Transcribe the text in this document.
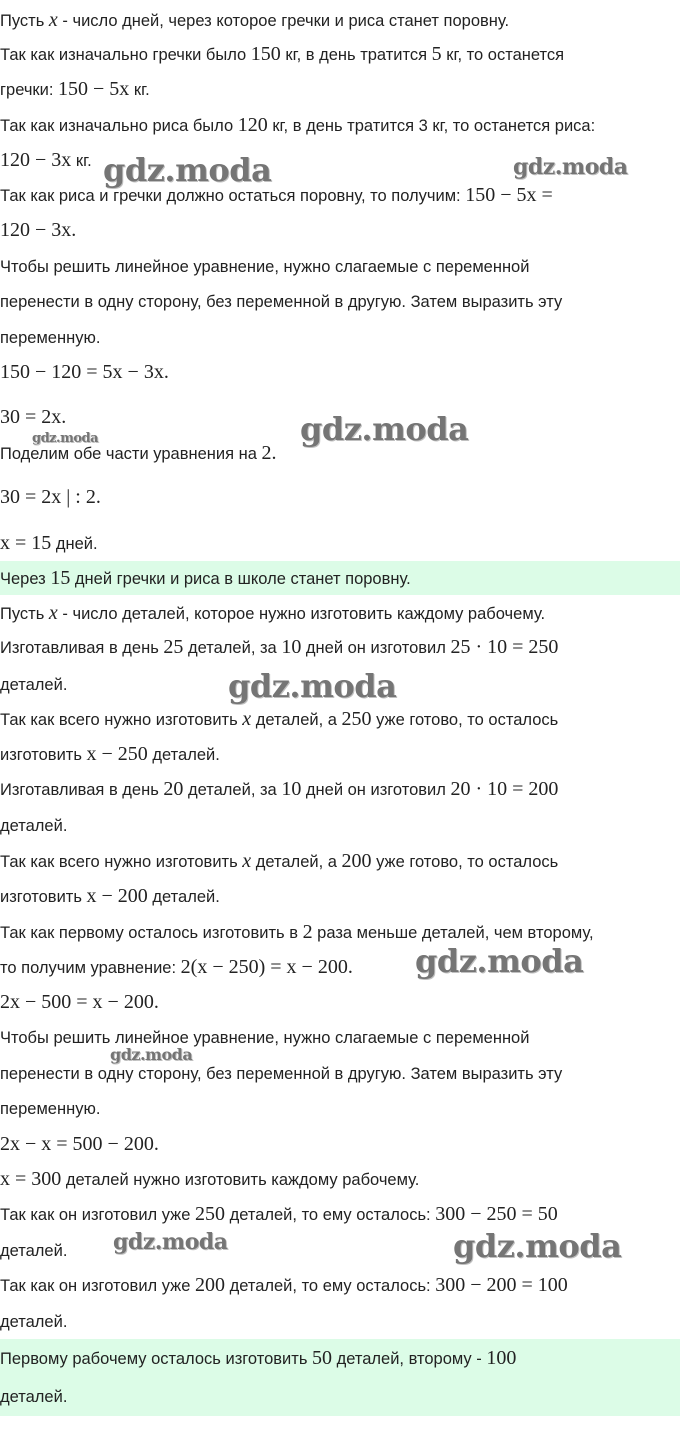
Пусть x - число дней, через которое гречки и риса станет поровну.
Так как изначально гречки было 150 кг, в день тратится 5 кг, то останется
гречки: 150 − 5x кг.
Так как изначально риса было 120 кг, в день тратится 3 кг, то останется риса:
120 − 3x кг.
Так как риса и гречки должно остаться поровну, то получим: 150 − 5x =
120 − 3x.
Чтобы решить линейное уравнение, нужно слагаемые с переменной
перенести в одну сторону, без переменной в другую. Затем выразить эту
переменную.
150 − 120 = 5x − 3x.
30 = 2x.
Поделим обе части уравнения на 2.
30 = 2x | : 2.
x = 15 дней.
Через 15 дней гречки и риса в школе станет поровну.
Пусть x - число деталей, которое нужно изготовить каждому рабочему.
Изготавливая в день 25 деталей, за 10 дней он изготовил 25 · 10 = 250
деталей.
Так как всего нужно изготовить x деталей, а 250 уже готово, то осталось
изготовить x − 250 деталей.
Изготавливая в день 20 деталей, за 10 дней он изготовил 20 · 10 = 200
деталей.
Так как всего нужно изготовить x деталей, а 200 уже готово, то осталось
изготовить x − 200 деталей.
Так как первому осталось изготовить в 2 раза меньше деталей, чем второму,
то получим уравнение: 2(x − 250) = x − 200.
2x − 500 = x − 200.
Чтобы решить линейное уравнение, нужно слагаемые с переменной
перенести в одну сторону, без переменной в другую. Затем выразить эту
переменную.
2x − x = 500 − 200.
x = 300 деталей нужно изготовить каждому рабочему.
Так как он изготовил уже 250 деталей, то ему осталось: 300 − 250 = 50
деталей.
Так как он изготовил уже 200 деталей, то ему осталось: 300 − 200 = 100
деталей.
Первому рабочему осталось изготовить 50 деталей, второму - 100
деталей.
gdz.moda	gdz.moda
gdz.moda
gdz.moda
gdz.moda
gdz.moda
gdz.moda
gdz.moda	gdz.moda
